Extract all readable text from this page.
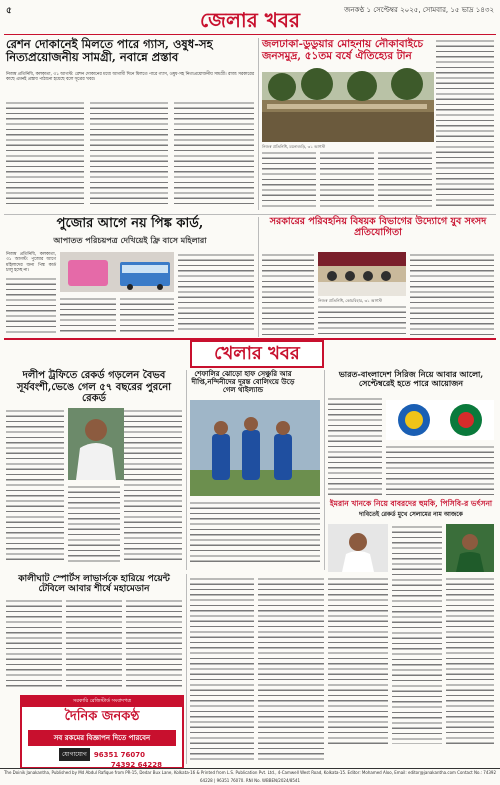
৫	জেলার খবর	জনকণ্ঠ ১ সেপ্টেম্বর ২০২৫, সোমবার, ১৫ ভাদ্র ১৪৩২
রেশন দোকানেই মিলতে পারে গ্যাস, ওষুধ-সহ নিত্যপ্রয়োজনীয় সামগ্রী, নবান্নে প্রস্তাব
নিজস্ব প্রতিনিধি, কলকাতা, ৩১ আগস্ট: রেশন দোকানের মধ্যে আগামী দিনে মিলতে পারে গ্যাস, ওষুধ-সহ নিত্যপ্রয়োজনীয় সামগ্রী। রাজ্য সরকারের কাছে এমনই প্রস্তাব পাঠানো হয়েছে বলে সূত্রের খবর।
জলঢাকা-ডুডুয়ার মোহনায় নৌকাবাইচে জনসমুদ্র, ৫১তম বর্ষে ঐতিহ্যের টান
নিজস্ব প্রতিনিধি, ময়নাগুড়ি, ৩১ আগস্ট
পুজোর আগে নয় পিঙ্ক কার্ড,
আপাতত পরিচয়পত্র দেখিয়েই ফ্রি বাসে মহিলারা
নিজস্ব প্রতিনিধি, কলকাতা, ৩১ আগস্ট: পুজোর আগে মহিলাদের জন্য পিঙ্ক কার্ড চালু হচ্ছে না।
সরকারের পরিবহনিয় বিষয়ক বিভাগের উদ্যোগে যুব সংসদ প্রতিযোগিতা
নিজস্ব প্রতিনিধি, কোচবিহার, ৩১ আগস্ট
খেলার খবর
দলীপ ট্রফিতে রেকর্ড গড়লেন বৈভব সূর্যবংশী,ভেঙে গেল ৫৭ বছরের পুরনো রেকর্ড
শেফালির ঝোড়ো হাফ সেঞ্চুরি আর দীপ্তি,নন্দিনীদের দুরন্ত বোলিংয়ে উড়ে গেল থাইল্যান্ড
ভারত-বাংলাদেশ সিরিজ নিয়ে আবার আলো, সেপ্টেম্বরেই হতে পারে আয়োজন
ইমরান খানকে নিয়ে বাবরদের হুমকি, পিসিবি-র ভর্ৎসনা
দাবিতেই রেকর্ড মুখে সেলামের নাম আজকে
কালীঘাট স্পোর্টস লাভার্সকে হারিয়ে পয়েন্ট টেবিলে আবার শীর্ষে মহামেডান
সরকারি রেজিস্টার্ড সংবাদপত্র
দৈনিক জনকণ্ঠ
সব রকমের বিজ্ঞাপন দিতে পারবেন
যোগাযোগ	96351 76070
74392 64228
The Doinik Janakantha, Published by Md Abdul Rafique from PR-15, Dedar Bux Lane, Kolkata-16 & Printed from L.S. Publication Pvt. Ltd., 4-Camwell West Road, Kolkata-15. Editor: Mohamed Aloo, Email: editor@janakantha.com Contact No.: 74392 64228 | 96351 76070. RNI No. WBBEN/2024/8541
